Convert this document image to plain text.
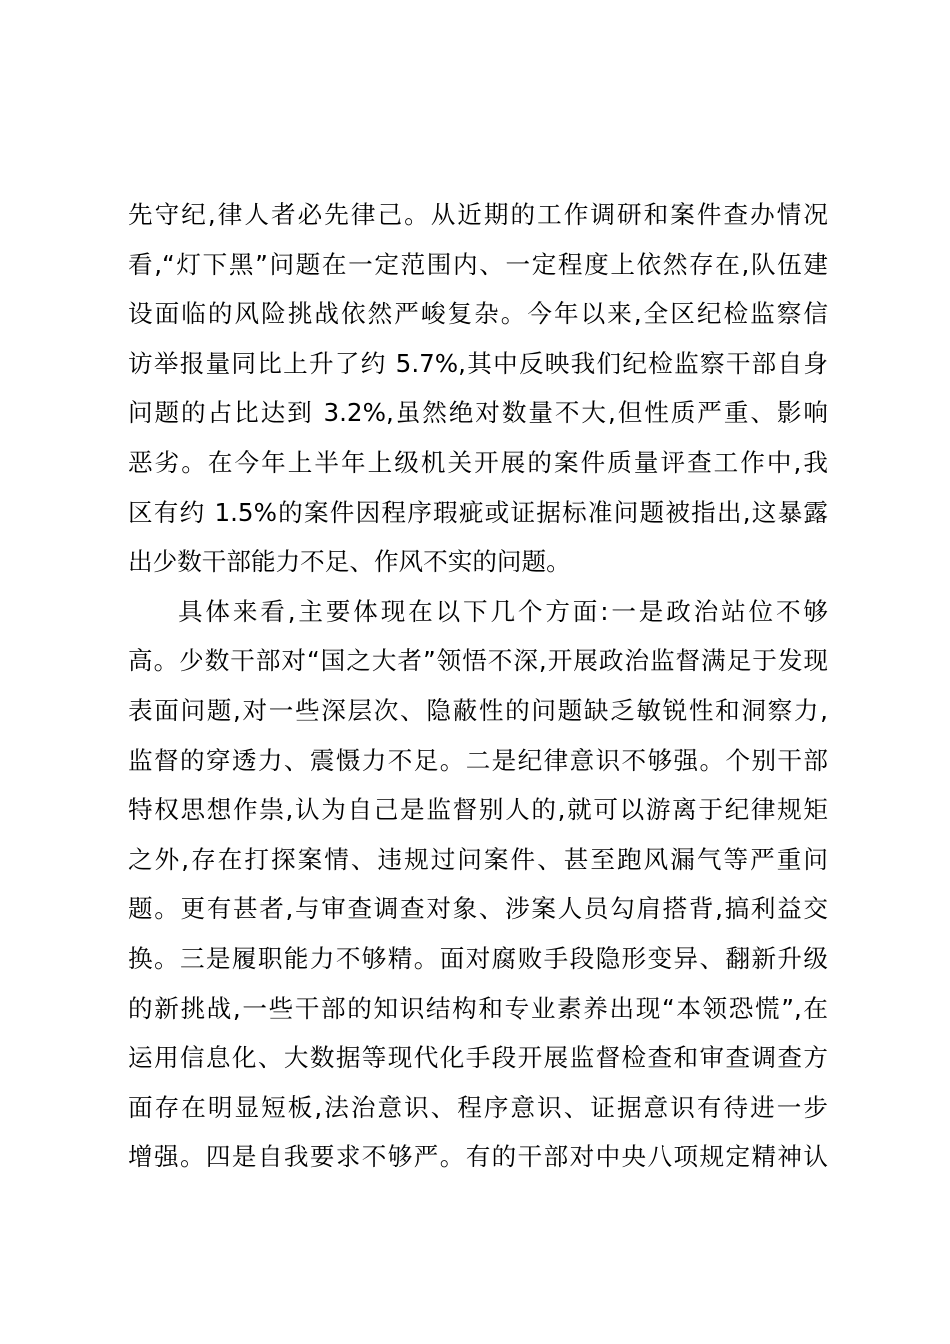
先守纪,律人者必先律己。从近期的工作调研和案件查办情况
看,“灯下黑”问题在一定范围内、一定程度上依然存在,队伍建
设面临的风险挑战依然严峻复杂。今年以来,全区纪检监察信
访举报量同比上升了约 5.7%,其中反映我们纪检监察干部自身
问题的占比达到 3.2%,虽然绝对数量不大,但性质严重、影响
恶劣。在今年上半年上级机关开展的案件质量评查工作中,我
区有约 1.5%的案件因程序瑕疵或证据标准问题被指出,这暴露
出少数干部能力不足、作风不实的问题。
具体来看,主要体现在以下几个方面:一是政治站位不够
高。少数干部对“国之大者”领悟不深,开展政治监督满足于发现
表面问题,对一些深层次、隐蔽性的问题缺乏敏锐性和洞察力,
监督的穿透力、震慑力不足。二是纪律意识不够强。个别干部
特权思想作祟,认为自己是监督别人的,就可以游离于纪律规矩
之外,存在打探案情、违规过问案件、甚至跑风漏气等严重问
题。更有甚者,与审查调查对象、涉案人员勾肩搭背,搞利益交
换。三是履职能力不够精。面对腐败手段隐形变异、翻新升级
的新挑战,一些干部的知识结构和专业素养出现“本领恐慌”,在
运用信息化、大数据等现代化手段开展监督检查和审查调查方
面存在明显短板,法治意识、程序意识、证据意识有待进一步
增强。四是自我要求不够严。有的干部对中央八项规定精神认
